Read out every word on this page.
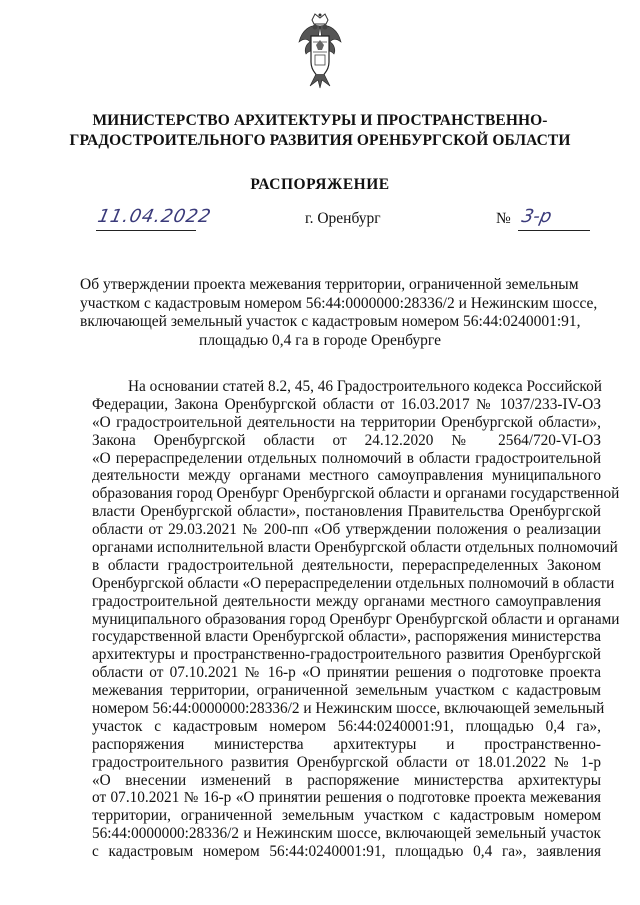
МИНИСТЕРСТВО АРХИТЕКТУРЫ И ПРОСТРАНСТВЕННО-
ГРАДОСТРОИТЕЛЬНОГО РАЗВИТИЯ ОРЕНБУРГСКОЙ ОБЛАСТИ
РАСПОРЯЖЕНИЕ
11.04.2022	г. Оренбург	№ 3-р
Об утверждении проекта межевания территории, ограниченной земельным
участком с кадастровым номером 56:44:0000000:28336/2 и Нежинским шоссе,
включающей земельный участок с кадастровым номером 56:44:0240001:91,
площадью 0,4 га в городе Оренбурге
На основании статей 8.2, 45, 46 Градостроительного кодекса Российской
Федерации, Закона Оренбургской области от 16.03.2017 № 1037/233-IV-ОЗ
«О градостроительной деятельности на территории Оренбургской области»,
Закона Оренбургской области от 24.12.2020 № 2564/720-VI-ОЗ
«О перераспределении отдельных полномочий в области градостроительной
деятельности между органами местного самоуправления муниципального
образования город Оренбург Оренбургской области и органами государственной
власти Оренбургской области», постановления Правительства Оренбургской
области от 29.03.2021 № 200-пп «Об утверждении положения о реализации
органами исполнительной власти Оренбургской области отдельных полномочий
в области градостроительной деятельности, перераспределенных Законом
Оренбургской области «О перераспределении отдельных полномочий в области
градостроительной деятельности между органами местного самоуправления
муниципального образования город Оренбург Оренбургской области и органами
государственной власти Оренбургской области», распоряжения министерства
архитектуры и пространственно-градостроительного развития Оренбургской
области от 07.10.2021 № 16-р «О принятии решения о подготовке проекта
межевания территории, ограниченной земельным участком с кадастровым
номером 56:44:0000000:28336/2 и Нежинским шоссе, включающей земельный
участок с кадастровым номером 56:44:0240001:91, площадью 0,4 га»,
распоряжения министерства архитектуры и пространственно-
градостроительного развития Оренбургской области от 18.01.2022 № 1-р
«О внесении изменений в распоряжение министерства архитектуры
от 07.10.2021 № 16-р «О принятии решения о подготовке проекта межевания
территории, ограниченной земельным участком с кадастровым номером
56:44:0000000:28336/2 и Нежинским шоссе, включающей земельный участок
с кадастровым номером 56:44:0240001:91, площадью 0,4 га», заявления
